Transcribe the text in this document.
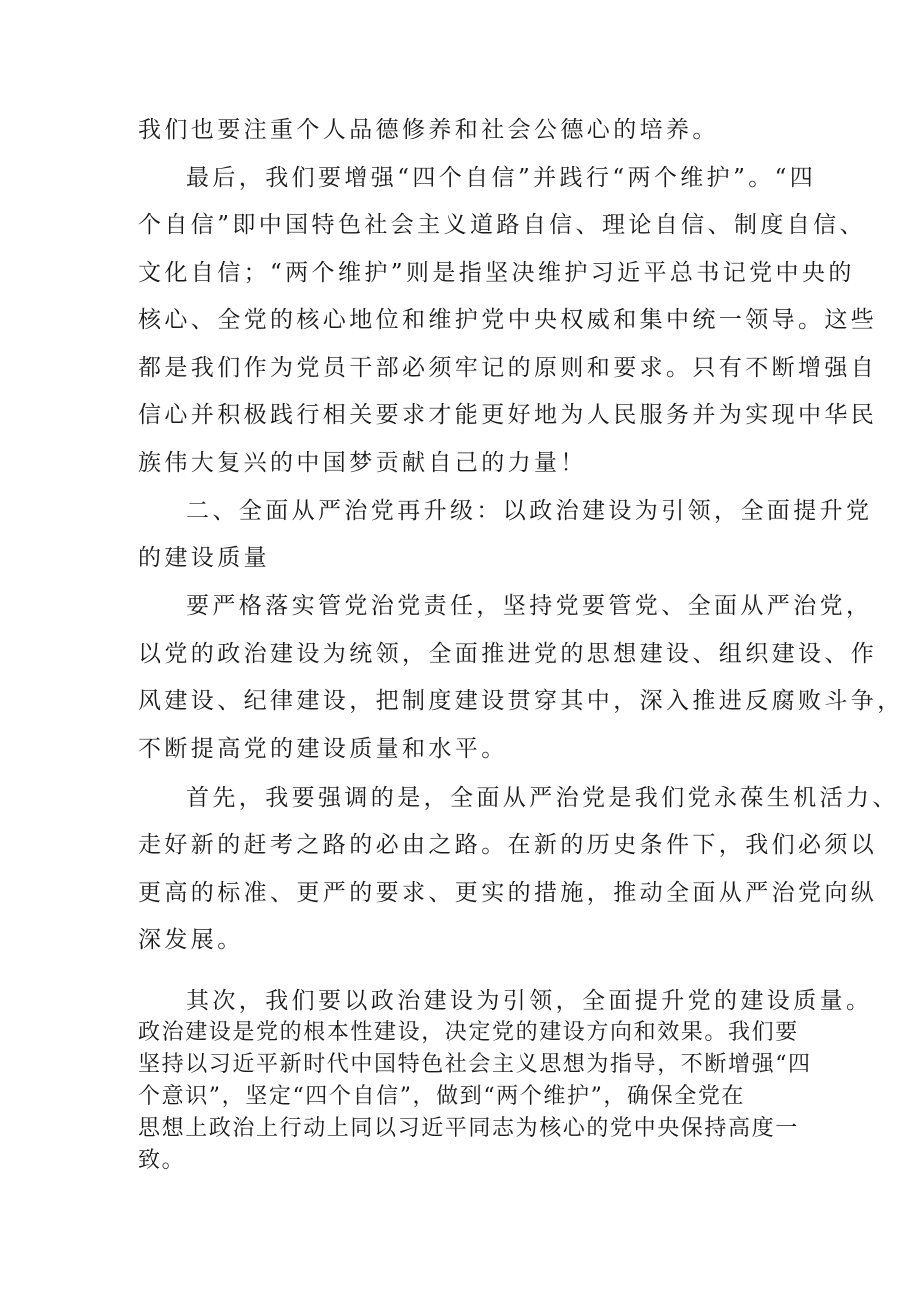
我们也要注重个人品德修养和社会公德心的培养。
最后，我们要增强“四个自信”并践行“两个维护”。“四
个自信”即中国特色社会主义道路自信、理论自信、制度自信、
文化自信；“两个维护”则是指坚决维护习近平总书记党中央的
核心、全党的核心地位和维护党中央权威和集中统一领导。这些
都是我们作为党员干部必须牢记的原则和要求。只有不断增强自
信心并积极践行相关要求才能更好地为人民服务并为实现中华民
族伟大复兴的中国梦贡献自己的力量！
二、全面从严治党再升级：以政治建设为引领，全面提升党
的建设质量
要严格落实管党治党责任，坚持党要管党、全面从严治党，
以党的政治建设为统领，全面推进党的思想建设、组织建设、作
风建设、纪律建设，把制度建设贯穿其中，深入推进反腐败斗争，
不断提高党的建设质量和水平。
首先，我要强调的是，全面从严治党是我们党永葆生机活力、
走好新的赶考之路的必由之路。在新的历史条件下，我们必须以
更高的标准、更严的要求、更实的措施，推动全面从严治党向纵
深发展。
其次，我们要以政治建设为引领，全面提升党的建设质量。
政治建设是党的根本性建设，决定党的建设方向和效果。我们要
坚持以习近平新时代中国特色社会主义思想为指导，不断增强“四
个意识”，坚定“四个自信”，做到“两个维护”，确保全党在
思想上政治上行动上同以习近平同志为核心的党中央保持高度一
致。
